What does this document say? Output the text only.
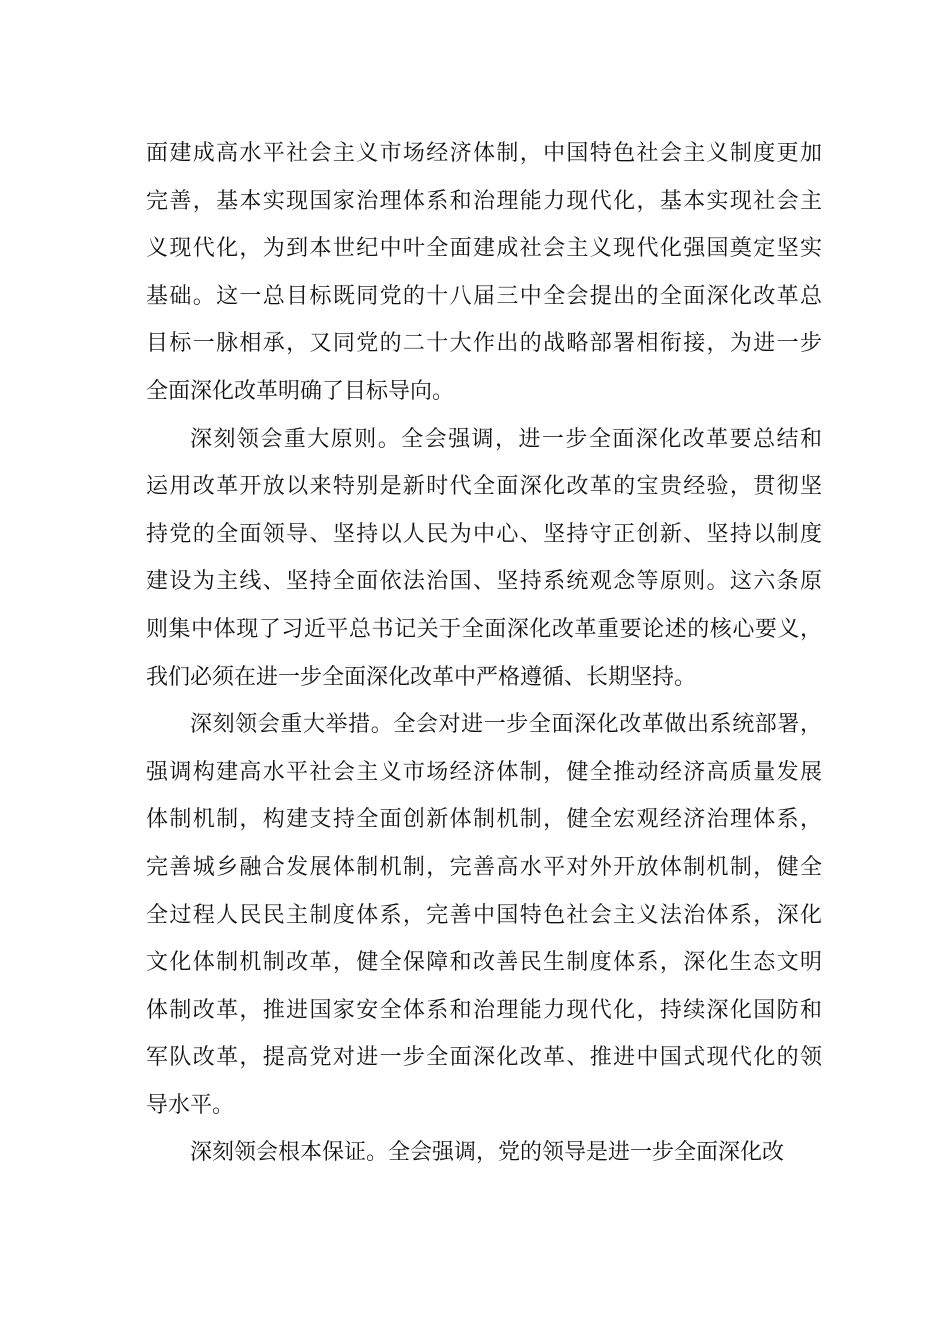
面建成高水平社会主义市场经济体制，中国特色社会主义制度更加
完善，基本实现国家治理体系和治理能力现代化，基本实现社会主
义现代化，为到本世纪中叶全面建成社会主义现代化强国奠定坚实
基础。这一总目标既同党的十八届三中全会提出的全面深化改革总
目标一脉相承，又同党的二十大作出的战略部署相衔接，为进一步
全面深化改革明确了目标导向。
深刻领会重大原则。全会强调，进一步全面深化改革要总结和
运用改革开放以来特别是新时代全面深化改革的宝贵经验，贯彻坚
持党的全面领导、坚持以人民为中心、坚持守正创新、坚持以制度
建设为主线、坚持全面依法治国、坚持系统观念等原则。这六条原
则集中体现了习近平总书记关于全面深化改革重要论述的核心要义，
我们必须在进一步全面深化改革中严格遵循、长期坚持。
深刻领会重大举措。全会对进一步全面深化改革做出系统部署，
强调构建高水平社会主义市场经济体制，健全推动经济高质量发展
体制机制，构建支持全面创新体制机制，健全宏观经济治理体系，
完善城乡融合发展体制机制，完善高水平对外开放体制机制，健全
全过程人民民主制度体系，完善中国特色社会主义法治体系，深化
文化体制机制改革，健全保障和改善民生制度体系，深化生态文明
体制改革，推进国家安全体系和治理能力现代化，持续深化国防和
军队改革，提高党对进一步全面深化改革、推进中国式现代化的领
导水平。
深刻领会根本保证。全会强调，党的领导是进一步全面深化改
